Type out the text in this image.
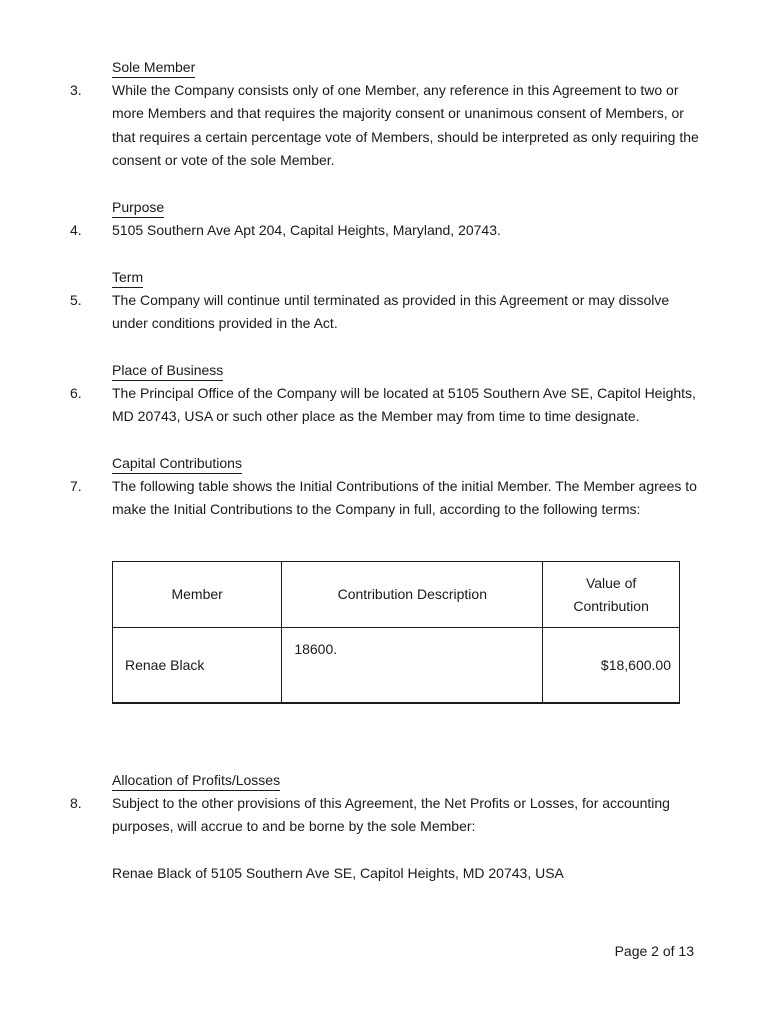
Sole Member
3.	While the Company consists only of one Member, any reference in this Agreement to two or more Members and that requires the majority consent or unanimous consent of Members, or that requires a certain percentage vote of Members, should be interpreted as only requiring the consent or vote of the sole Member.
Purpose
4.	5105 Southern Ave Apt 204, Capital Heights, Maryland, 20743.
Term
5.	The Company will continue until terminated as provided in this Agreement or may dissolve under conditions provided in the Act.
Place of Business
6.	The Principal Office of the Company will be located at 5105 Southern Ave SE, Capitol Heights, MD 20743, USA or such other place as the Member may from time to time designate.
Capital Contributions
7.	The following table shows the Initial Contributions of the initial Member. The Member agrees to make the Initial Contributions to the Company in full, according to the following terms:
Member	Contribution Description	Value of Contribution
Renae Black	18600.	$18,600.00
Allocation of Profits/Losses
8.	Subject to the other provisions of this Agreement, the Net Profits or Losses, for accounting purposes, will accrue to and be borne by the sole Member:
Renae Black of 5105 Southern Ave SE, Capitol Heights, MD 20743, USA
Page 2 of 13
